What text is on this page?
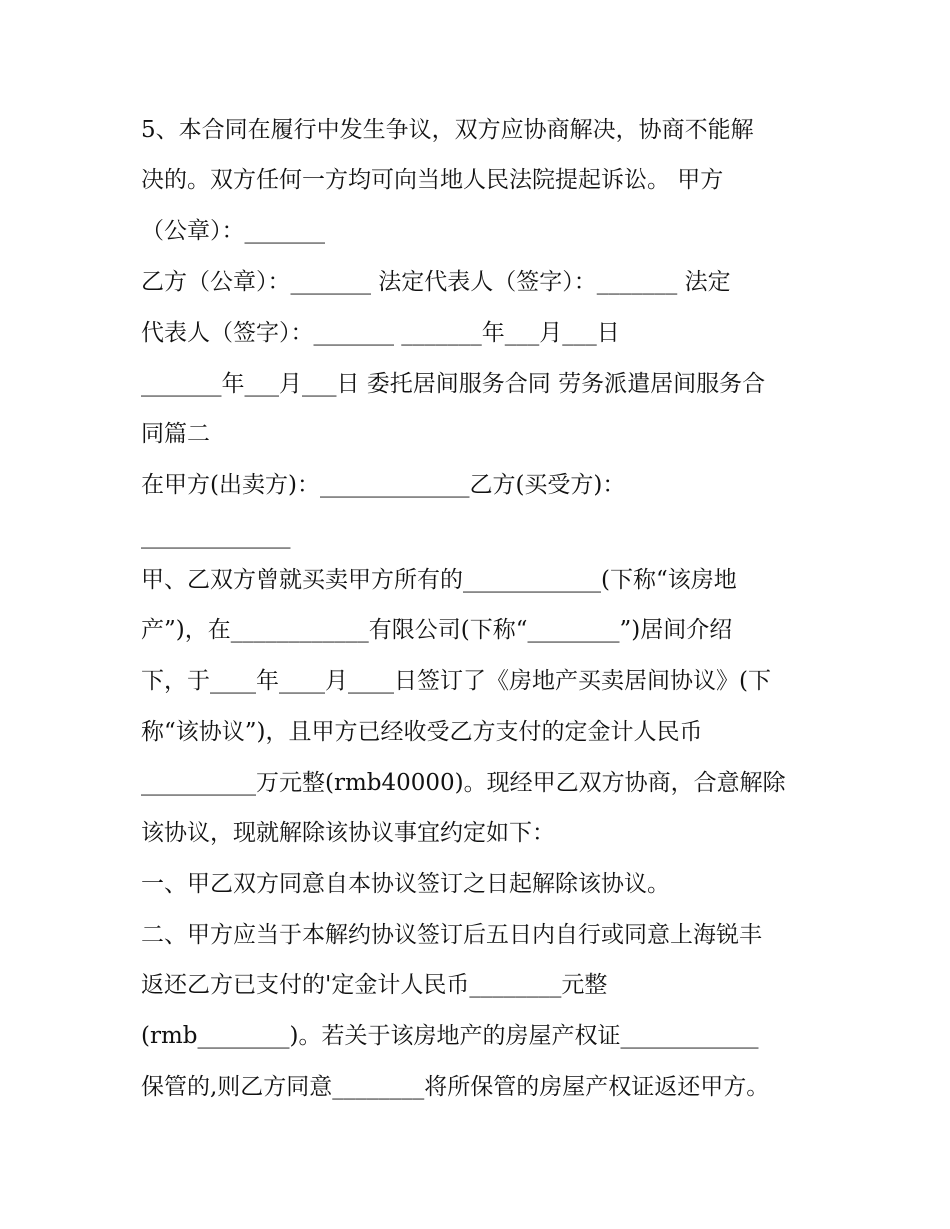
5、本合同在履行中发生争议，双方应协商解决，协商不能解
决的。双方任何一方均可向当地人民法院提起诉讼。 甲方
（公章）：_______
乙方（公章）：_______ 法定代表人（签字）：_______ 法定
代表人（签字）：_______ _______年___月___日
_______年___月___日 委托居间服务合同 劳务派遣居间服务合
同篇二
在甲方(出卖方)：_____________乙方(买受方)：
_____________
甲、乙双方曾就买卖甲方所有的____________(下称“该房地
产”)，在____________有限公司(下称“________”)居间介绍
下，于____年____月____日签订了《房地产买卖居间协议》(下
称“该协议”)，且甲方已经收受乙方支付的定金计人民币
__________万元整(rmb40000)。现经甲乙双方协商，合意解除
该协议，现就解除该协议事宜约定如下：
一、甲乙双方同意自本协议签订之日起解除该协议。
二、甲方应当于本解约协议签订后五日内自行或同意上海锐丰
返还乙方已支付的'定金计人民币________元整
(rmb________)。若关于该房地产的房屋产权证____________
保管的,则乙方同意________将所保管的房屋产权证返还甲方。
